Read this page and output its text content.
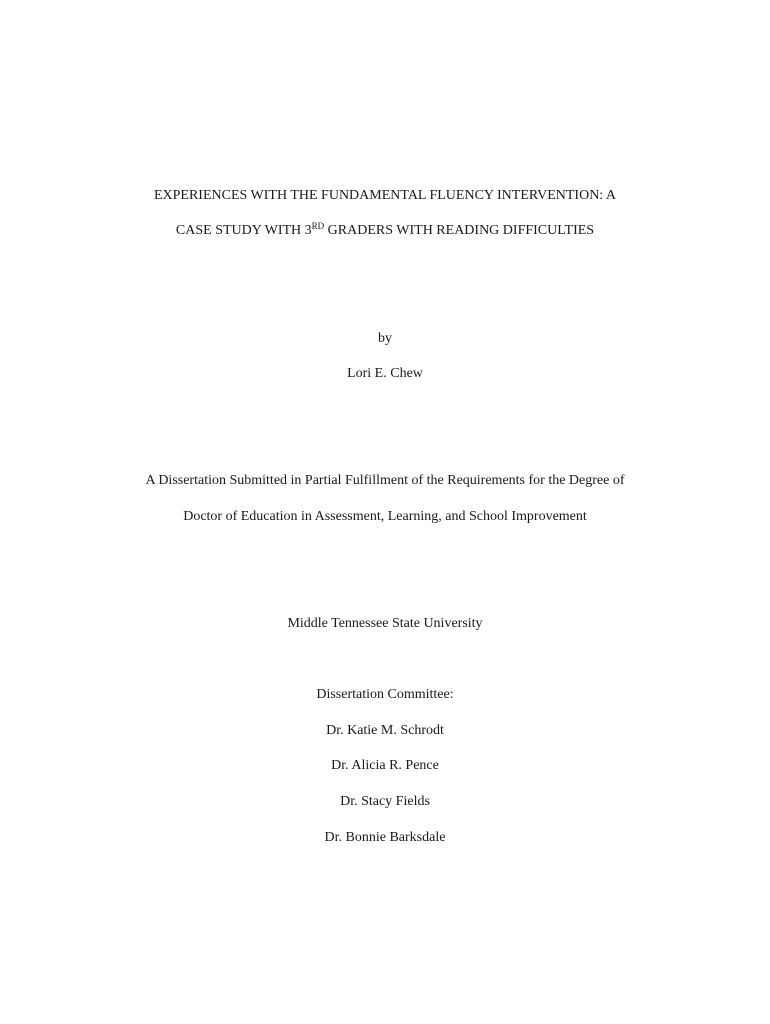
EXPERIENCES WITH THE FUNDAMENTAL FLUENCY INTERVENTION: A
CASE STUDY WITH 3RD GRADERS WITH READING DIFFICULTIES
by
Lori E. Chew
A Dissertation Submitted in Partial Fulfillment of the Requirements for the Degree of
Doctor of Education in Assessment, Learning, and School Improvement
Middle Tennessee State University
Dissertation Committee:
Dr. Katie M. Schrodt
Dr. Alicia R. Pence
Dr. Stacy Fields
Dr. Bonnie Barksdale
